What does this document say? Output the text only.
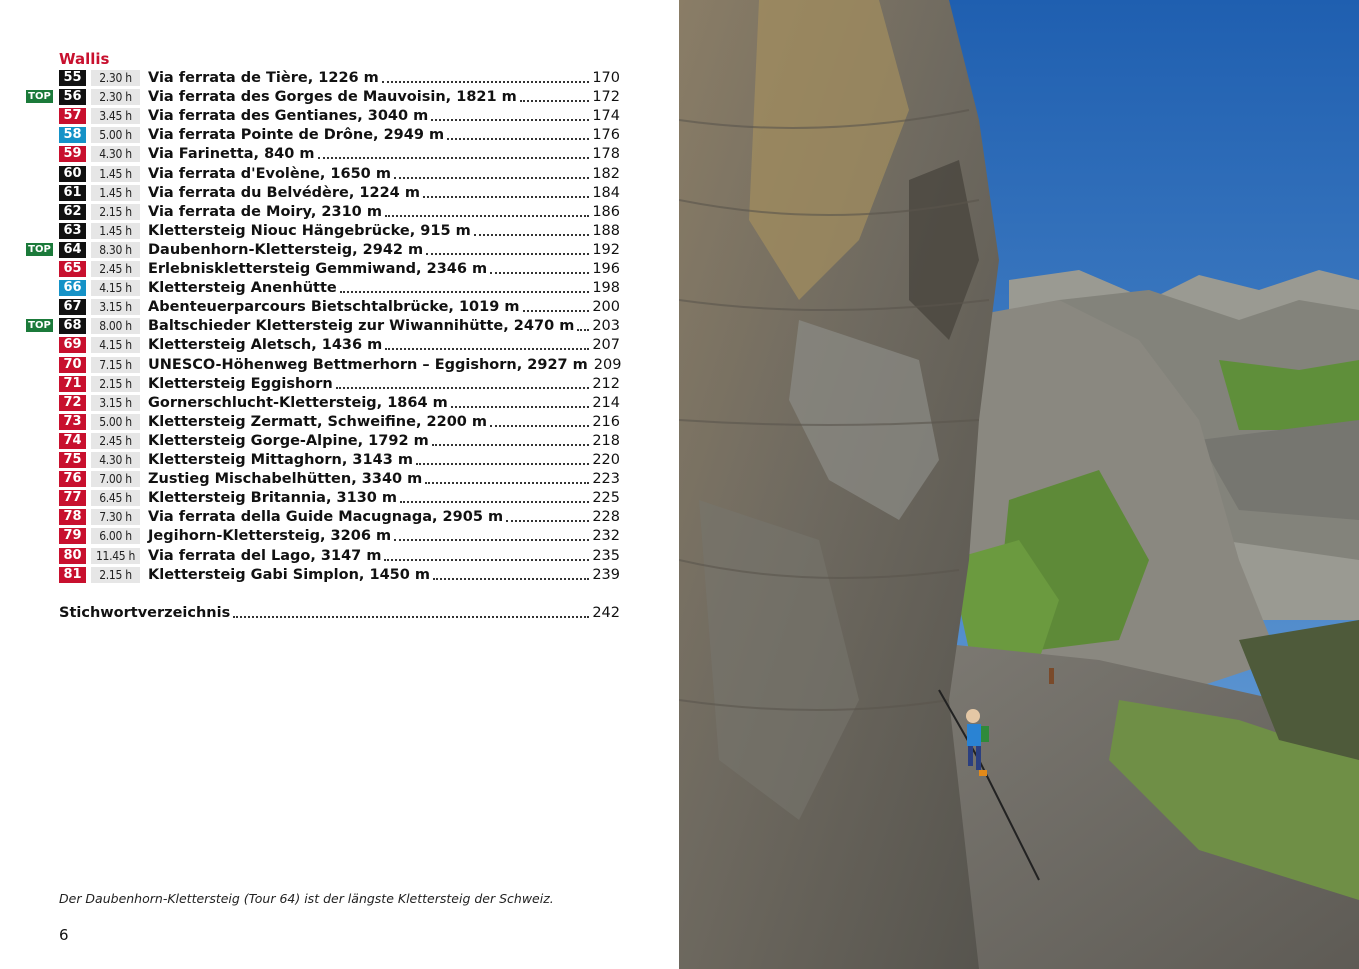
Wallis
55	2.30 h	Via ferrata de Tière, 1226 m	170
TOP 56	2.30 h	Via ferrata des Gorges de Mauvoisin, 1821 m	172
57	3.45 h	Via ferrata des Gentianes, 3040 m	174
58	5.00 h	Via ferrata Pointe de Drône, 2949 m	176
59	4.30 h	Via Farinetta, 840 m	178
60	1.45 h	Via ferrata d'Evolène, 1650 m	182
61	1.45 h	Via ferrata du Belvédère, 1224 m	184
62	2.15 h	Via ferrata de Moiry, 2310 m	186
63	1.45 h	Klettersteig Niouc Hängebrücke, 915 m	188
TOP 64	8.30 h	Daubenhorn-Klettersteig, 2942 m	192
65	2.45 h	Erlebnisklettersteig Gemmiwand, 2346 m	196
66	4.15 h	Klettersteig Anenhütte	198
67	3.15 h	Abenteuerparcours Bietschtalbrücke, 1019 m	200
TOP 68	8.00 h	Baltschieder Klettersteig zur Wiwannihütte, 2470 m 203
69	4.15 h	Klettersteig Aletsch, 1436 m	207
70	7.15 h	UNESCO-Höhenweg Bettmerhorn – Eggishorn, 2927 m 209
71	2.15 h	Klettersteig Eggishorn	212
72	3.15 h	Gornerschlucht-Klettersteig, 1864 m	214
73	5.00 h	Klettersteig Zermatt, Schweifine, 2200 m	216
74	2.45 h	Klettersteig Gorge-Alpine, 1792 m	218
75	4.30 h	Klettersteig Mittaghorn, 3143 m	220
76	7.00 h	Zustieg Mischabelhütten, 3340 m	223
77	6.45 h	Klettersteig Britannia, 3130 m	225
78	7.30 h	Via ferrata della Guide Macugnaga, 2905 m	228
79	6.00 h	Jegihorn-Klettersteig, 3206 m	232
80	11.45 h Via ferrata del Lago, 3147 m	235
81	2.15 h	Klettersteig Gabi Simplon, 1450 m	239
Stichwortverzeichnis	242
Der Daubenhorn-Klettersteig (Tour 64) ist der längste Klettersteig der Schweiz.
6
